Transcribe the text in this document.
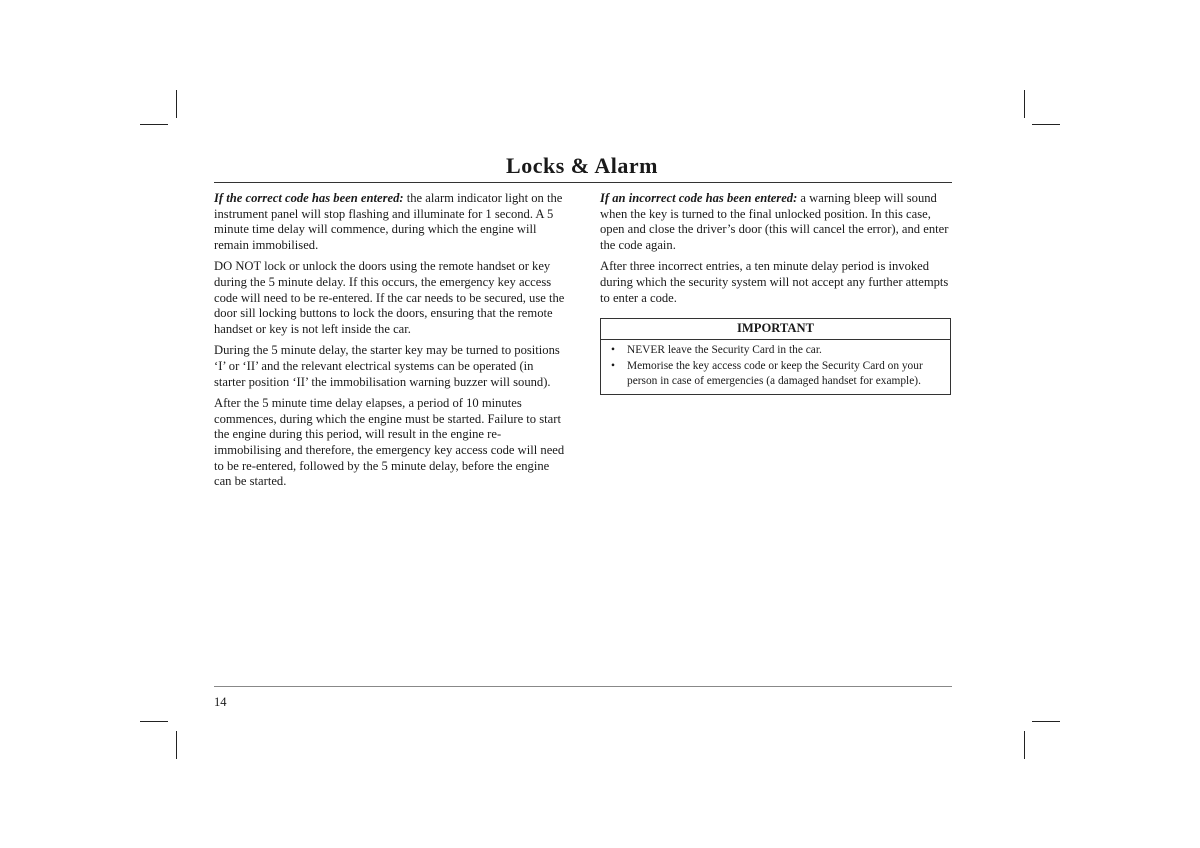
Locks & Alarm

If the correct code has been entered: the alarm indicator light on the instrument panel will stop flashing and illuminate for 1 second. A 5 minute time delay will commence, during which the engine will remain immobilised.

DO NOT lock or unlock the doors using the remote handset or key during the 5 minute delay. If this occurs, the emergency key access code will need to be re-entered. If the car needs to be secured, use the door sill locking buttons to lock the doors, ensuring that the remote handset or key is not left inside the car.

During the 5 minute delay, the starter key may be turned to positions ‘I’ or ‘II’ and the relevant electrical systems can be operated (in starter position ‘II’ the immobilisation warning buzzer will sound).

After the 5 minute time delay elapses, a period of 10 minutes commences, during which the engine must be started. Failure to start the engine during this period, will result in the engine re-immobilising and therefore, the emergency key access code will need to be re-entered, followed by the 5 minute delay, before the engine can be started.

If an incorrect code has been entered: a warning bleep will sound when the key is turned to the final unlocked position. In this case, open and close the driver’s door (this will cancel the error), and enter the code again.

After three incorrect entries, a ten minute delay period is invoked during which the security system will not accept any further attempts to enter a code.

IMPORTANT
• NEVER leave the Security Card in the car.
• Memorise the key access code or keep the Security Card on your person in case of emergencies (a damaged handset for example).
14
